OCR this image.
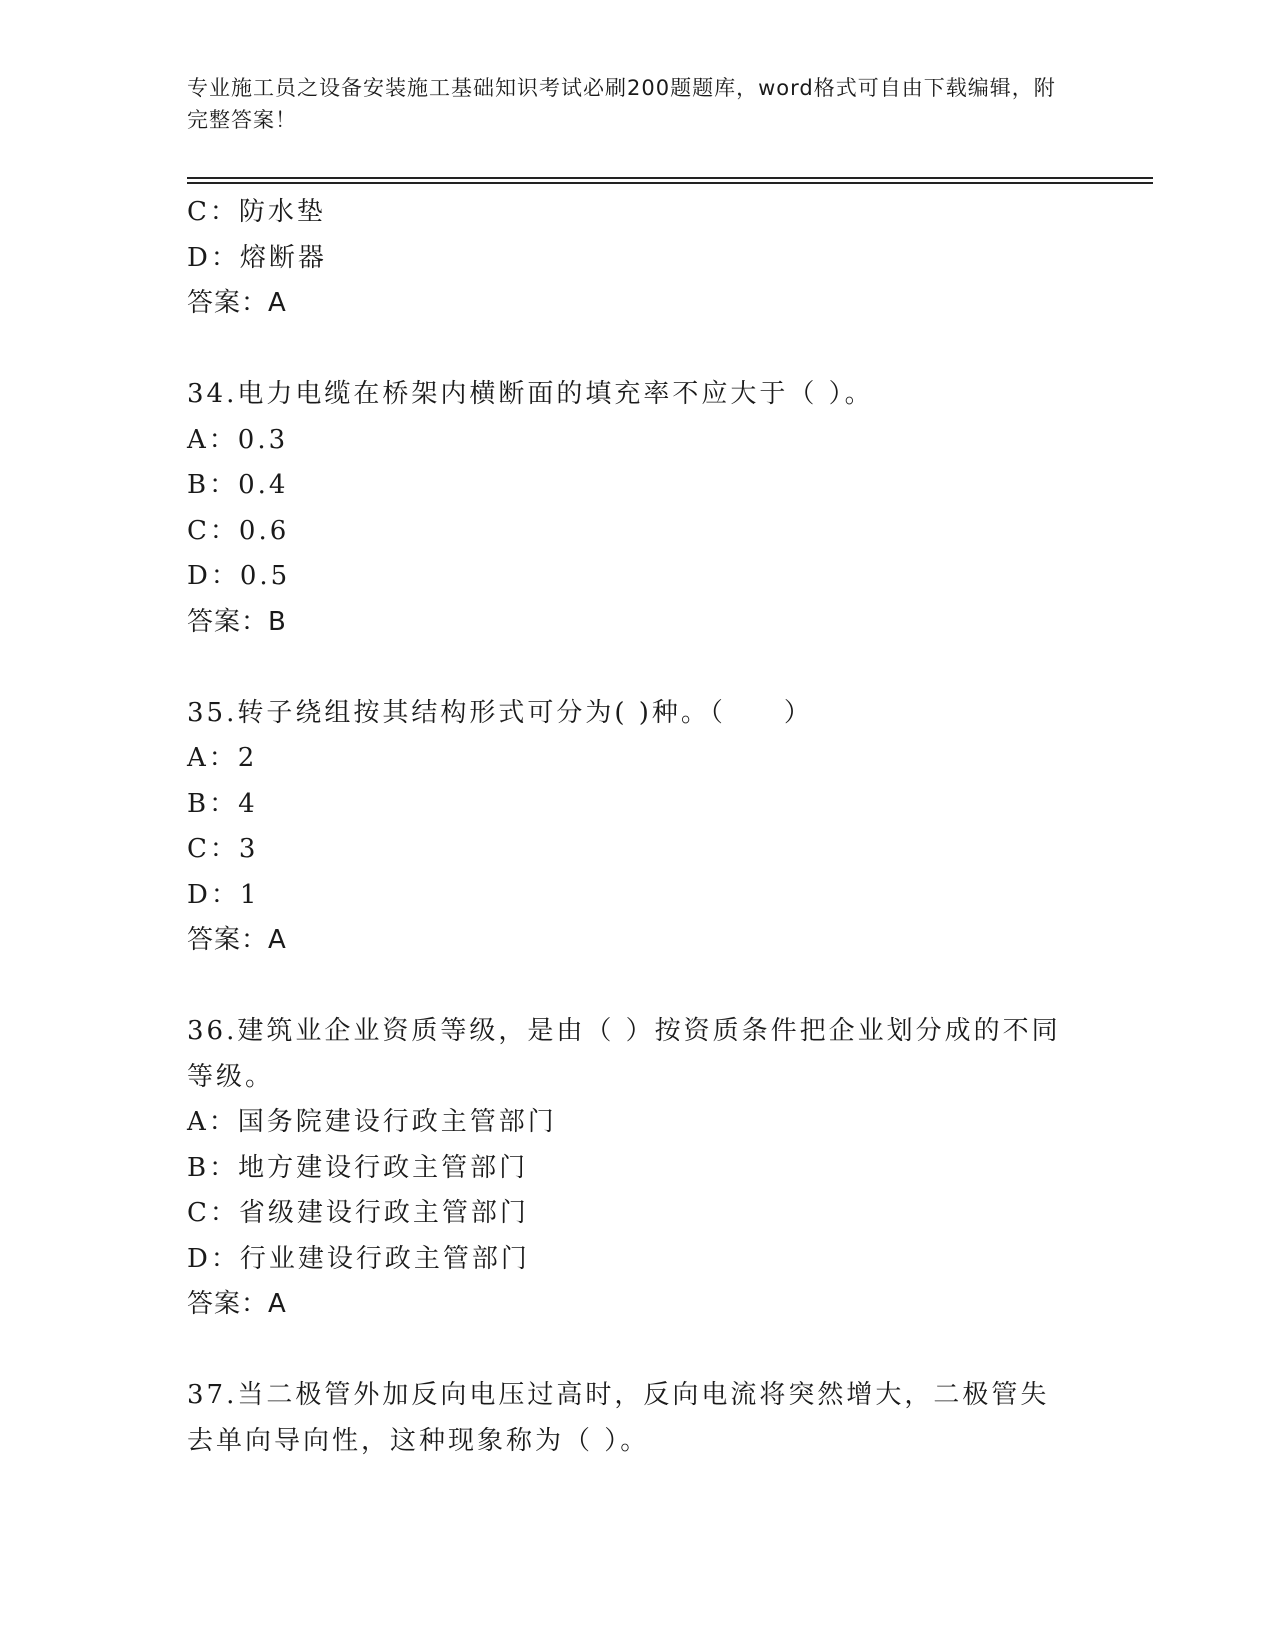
专业施工员之设备安装施工基础知识考试必刷200题题库，word格式可自由下载编辑，附完整答案！
C：防水垫
D：熔断器
答案：A
34.电力电缆在桥架内横断面的填充率不应大于（ ）。
A：0.3
B：0.4
C：0.6
D：0.5
答案：B
35.转子绕组按其结构形式可分为( )种。（　　）
A：2
B：4
C：3
D：1
答案：A
36.建筑业企业资质等级，是由（ ）按资质条件把企业划分成的不同等级。
A：国务院建设行政主管部门
B：地方建设行政主管部门
C：省级建设行政主管部门
D：行业建设行政主管部门
答案：A
37.当二极管外加反向电压过高时，反向电流将突然增大，二极管失去单向导向性，这种现象称为（ ）。
